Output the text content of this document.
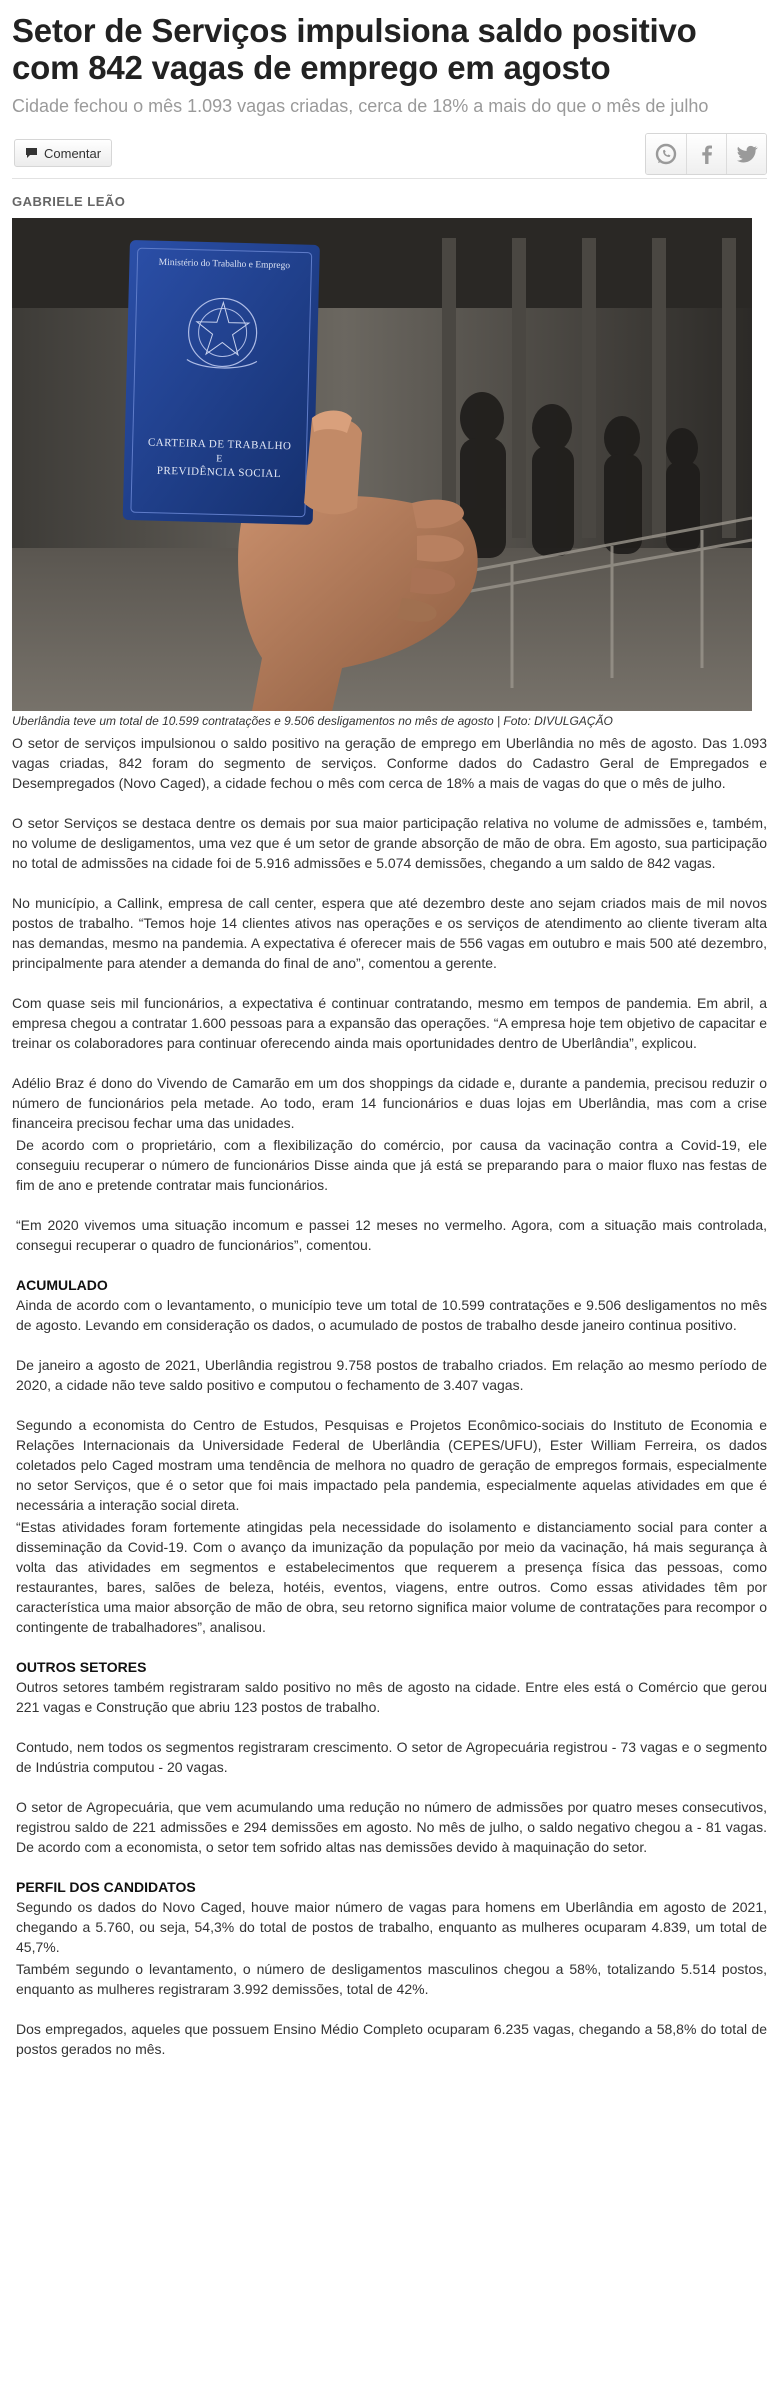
Setor de Serviços impulsiona saldo positivo com 842 vagas de emprego em agosto
Cidade fechou o mês 1.093 vagas criadas, cerca de 18% a mais do que o mês de julho
Comentar
GABRIELE LEÃO
Ministério do Trabalho e Emprego
CARTEIRA DE TRABALHO
E
PREVIDÊNCIA SOCIAL
Uberlândia teve um total de 10.599 contratações e 9.506 desligamentos no mês de agosto | Foto: DIVULGAÇÃO

O setor de serviços impulsionou o saldo positivo na geração de emprego em Uberlândia no mês de agosto. Das 1.093 vagas criadas, 842 foram do segmento de serviços. Conforme dados do Cadastro Geral de Empregados e Desempregados (Novo Caged), a cidade fechou o mês com cerca de 18% a mais de vagas do que o mês de julho.

O setor Serviços se destaca dentre os demais por sua maior participação relativa no volume de admissões e, também, no volume de desligamentos, uma vez que é um setor de grande absorção de mão de obra. Em agosto, sua participação no total de admissões na cidade foi de 5.916 admissões e 5.074 demissões, chegando a um saldo de 842 vagas.

No município, a Callink, empresa de call center, espera que até dezembro deste ano sejam criados mais de mil novos postos de trabalho. “Temos hoje 14 clientes ativos nas operações e os serviços de atendimento ao cliente tiveram alta nas demandas, mesmo na pandemia. A expectativa é oferecer mais de 556 vagas em outubro e mais 500 até dezembro, principalmente para atender a demanda do final de ano”, comentou a gerente.

Com quase seis mil funcionários, a expectativa é continuar contratando, mesmo em tempos de pandemia. Em abril, a empresa chegou a contratar 1.600 pessoas para a expansão das operações. “A empresa hoje tem objetivo de capacitar e treinar os colaboradores para continuar oferecendo ainda mais oportunidades dentro de Uberlândia”, explicou.

Adélio Braz é dono do Vivendo de Camarão em um dos shoppings da cidade e, durante a pandemia, precisou reduzir o número de funcionários pela metade. Ao todo, eram 14 funcionários e duas lojas em Uberlândia, mas com a crise financeira precisou fechar uma das unidades.

De acordo com o proprietário, com a flexibilização do comércio, por causa da vacinação contra a Covid-19, ele conseguiu recuperar o número de funcionários Disse ainda que já está se preparando para o maior fluxo nas festas de fim de ano e pretende contratar mais funcionários.

“Em 2020 vivemos uma situação incomum e passei 12 meses no vermelho. Agora, com a situação mais controlada, consegui recuperar o quadro de funcionários”, comentou.

ACUMULADO

Ainda de acordo com o levantamento, o município teve um total de 10.599 contratações e 9.506 desligamentos no mês de agosto. Levando em consideração os dados, o acumulado de postos de trabalho desde janeiro continua positivo.

De janeiro a agosto de 2021, Uberlândia registrou 9.758 postos de trabalho criados. Em relação ao mesmo período de 2020, a cidade não teve saldo positivo e computou o fechamento de 3.407 vagas.

Segundo a economista do Centro de Estudos, Pesquisas e Projetos Econômico-sociais do Instituto de Economia e Relações Internacionais da Universidade Federal de Uberlândia (CEPES/UFU), Ester William Ferreira, os dados coletados pelo Caged mostram uma tendência de melhora no quadro de geração de empregos formais, especialmente no setor Serviços, que é o setor que foi mais impactado pela pandemia, especialmente aquelas atividades em que é necessária a interação social direta.

“Estas atividades foram fortemente atingidas pela necessidade do isolamento e distanciamento social para conter a disseminação da Covid-19. Com o avanço da imunização da população por meio da vacinação, há mais segurança à volta das atividades em segmentos e estabelecimentos que requerem a presença física das pessoas, como restaurantes, bares, salões de beleza, hotéis, eventos, viagens, entre outros. Como essas atividades têm por característica uma maior absorção de mão de obra, seu retorno significa maior volume de contratações para recompor o contingente de trabalhadores”, analisou.

OUTROS SETORES

Outros setores também registraram saldo positivo no mês de agosto na cidade. Entre eles está o Comércio que gerou 221 vagas e Construção que abriu 123 postos de trabalho.

Contudo, nem todos os segmentos registraram crescimento. O setor de Agropecuária registrou - 73 vagas e o segmento de Indústria computou - 20 vagas.

O setor de Agropecuária, que vem acumulando uma redução no número de admissões por quatro meses consecutivos, registrou saldo de 221 admissões e 294 demissões em agosto. No mês de julho, o saldo negativo chegou a - 81 vagas. De acordo com a economista, o setor tem sofrido altas nas demissões devido à maquinação do setor.

PERFIL DOS CANDIDATOS

Segundo os dados do Novo Caged, houve maior número de vagas para homens em Uberlândia em agosto de 2021, chegando a 5.760, ou seja, 54,3% do total de postos de trabalho, enquanto as mulheres ocuparam 4.839, um total de 45,7%.

Também segundo o levantamento, o número de desligamentos masculinos chegou a 58%, totalizando 5.514 postos, enquanto as mulheres registraram 3.992 demissões, total de 42%.

Dos empregados, aqueles que possuem Ensino Médio Completo ocuparam 6.235 vagas, chegando a 58,8% do total de postos gerados no mês.
